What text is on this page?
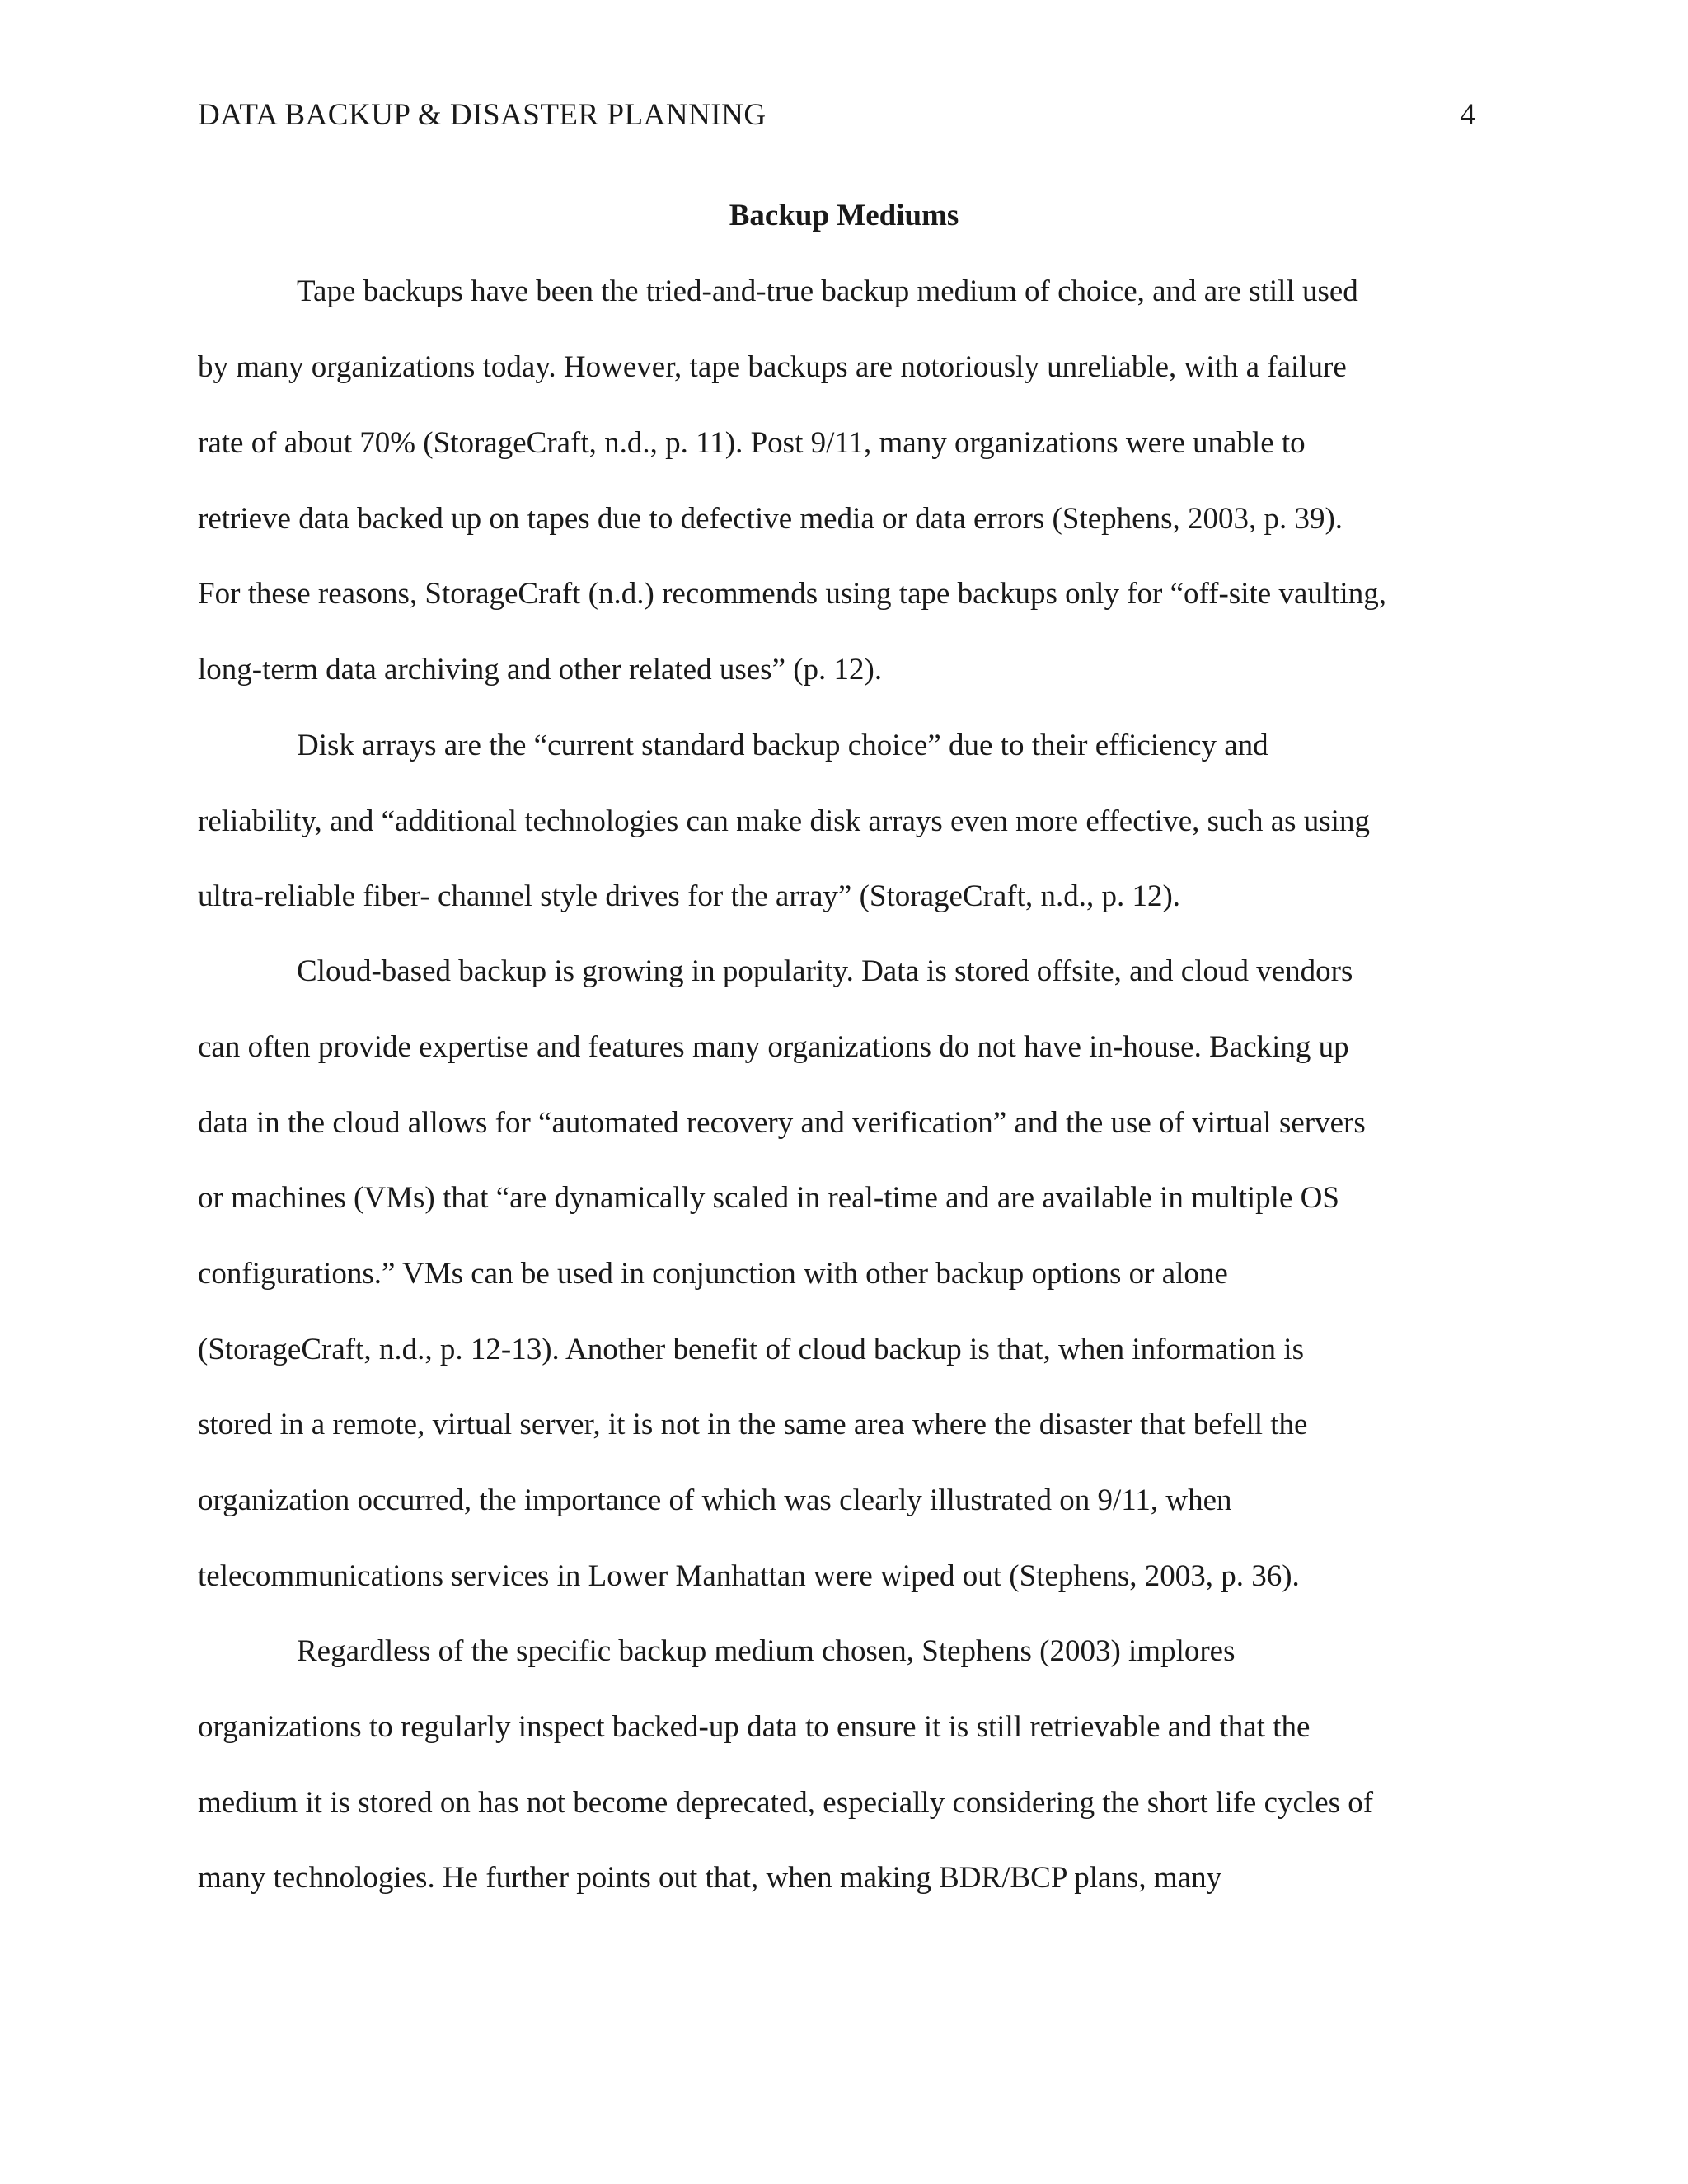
DATA BACKUP & DISASTER PLANNING	4
Backup Mediums
Tape backups have been the tried-and-true backup medium of choice, and are still used
by many organizations today. However, tape backups are notoriously unreliable, with a failure
rate of about 70% (StorageCraft, n.d., p. 11). Post 9/11, many organizations were unable to
retrieve data backed up on tapes due to defective media or data errors (Stephens, 2003, p. 39).
For these reasons, StorageCraft (n.d.) recommends using tape backups only for “off-site vaulting,
long-term data archiving and other related uses” (p. 12).
Disk arrays are the “current standard backup choice” due to their efficiency and
reliability, and “additional technologies can make disk arrays even more effective, such as using
ultra-reliable fiber- channel style drives for the array” (StorageCraft, n.d., p. 12).
Cloud-based backup is growing in popularity. Data is stored offsite, and cloud vendors
can often provide expertise and features many organizations do not have in-house. Backing up
data in the cloud allows for “automated recovery and verification” and the use of virtual servers
or machines (VMs) that “are dynamically scaled in real-time and are available in multiple OS
configurations.” VMs can be used in conjunction with other backup options or alone
(StorageCraft, n.d., p. 12-13). Another benefit of cloud backup is that, when information is
stored in a remote, virtual server, it is not in the same area where the disaster that befell the
organization occurred, the importance of which was clearly illustrated on 9/11, when
telecommunications services in Lower Manhattan were wiped out (Stephens, 2003, p. 36).
Regardless of the specific backup medium chosen, Stephens (2003) implores
organizations to regularly inspect backed-up data to ensure it is still retrievable and that the
medium it is stored on has not become deprecated, especially considering the short life cycles of
many technologies. He further points out that, when making BDR/BCP plans, many
